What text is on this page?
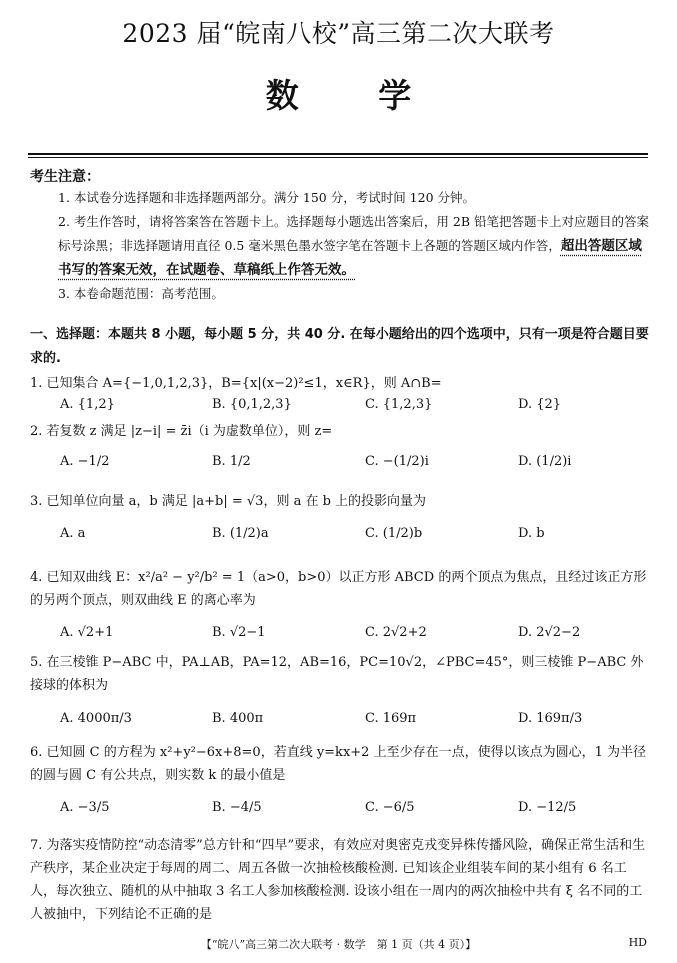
2023 届“皖南八校”高三第二次大联考
数 学
考生注意：
1. 本试卷分选择题和非选择题两部分。满分 150 分，考试时间 120 分钟。
2. 考生作答时，请将答案答在答题卡上。选择题每小题选出答案后，用 2B 铅笔把答题卡上对应题目的答案标号涂黑；非选择题请用直径 0.5 毫米黑色墨水签字笔在答题卡上各题的答题区域内作答，超出答题区域书写的答案无效，在试题卷、草稿纸上作答无效。
3. 本卷命题范围：高考范围。
一、选择题：本题共 8 小题，每小题 5 分，共 40 分. 在每小题给出的四个选项中，只有一项是符合题目要求的.
1. 已知集合 A={−1,0,1,2,3}，B={x|(x−2)²≤1，x∈R}，则 A∩B=
A. {1,2}	B. {0,1,2,3}	C. {1,2,3}	D. {2}
2. 若复数 z 满足 |z−i| = z̄i（i 为虚数单位），则 z=
A. −1/2	B. 1/2	C. −(1/2)i	D. (1/2)i
3. 已知单位向量 a，b 满足 |a+b| = √3，则 a 在 b 上的投影向量为
A. a	B. (1/2)a	C. (1/2)b	D. b
4. 已知双曲线 E：x²/a² − y²/b² = 1（a>0，b>0）以正方形 ABCD 的两个顶点为焦点，且经过该正方形的另两个顶点，则双曲线 E 的离心率为
A. √2+1	B. √2−1	C. 2√2+2	D. 2√2−2
5. 在三棱锥 P−ABC 中，PA⊥AB，PA=12，AB=16，PC=10√2，∠PBC=45°，则三棱锥 P−ABC 外接球的体积为
A. 4000π/3	B. 400π	C. 169π	D. 169π/3
6. 已知圆 C 的方程为 x²+y²−6x+8=0，若直线 y=kx+2 上至少存在一点，使得以该点为圆心，1 为半径的圆与圆 C 有公共点，则实数 k 的最小值是
A. −3/5	B. −4/5	C. −6/5	D. −12/5
7. 为落实疫情防控“动态清零”总方针和“四早”要求，有效应对奥密克戎变异株传播风险，确保正常生活和生产秩序，某企业决定于每周的周二、周五各做一次抽检核酸检测. 已知该企业组装车间的某小组有 6 名工人，每次独立、随机的从中抽取 3 名工人参加核酸检测. 设该小组在一周内的两次抽检中共有 ξ 名不同的工人被抽中，下列结论不正确的是
【“皖八”高三第二次大联考 · 数学　第 1 页（共 4 页）】	HD
